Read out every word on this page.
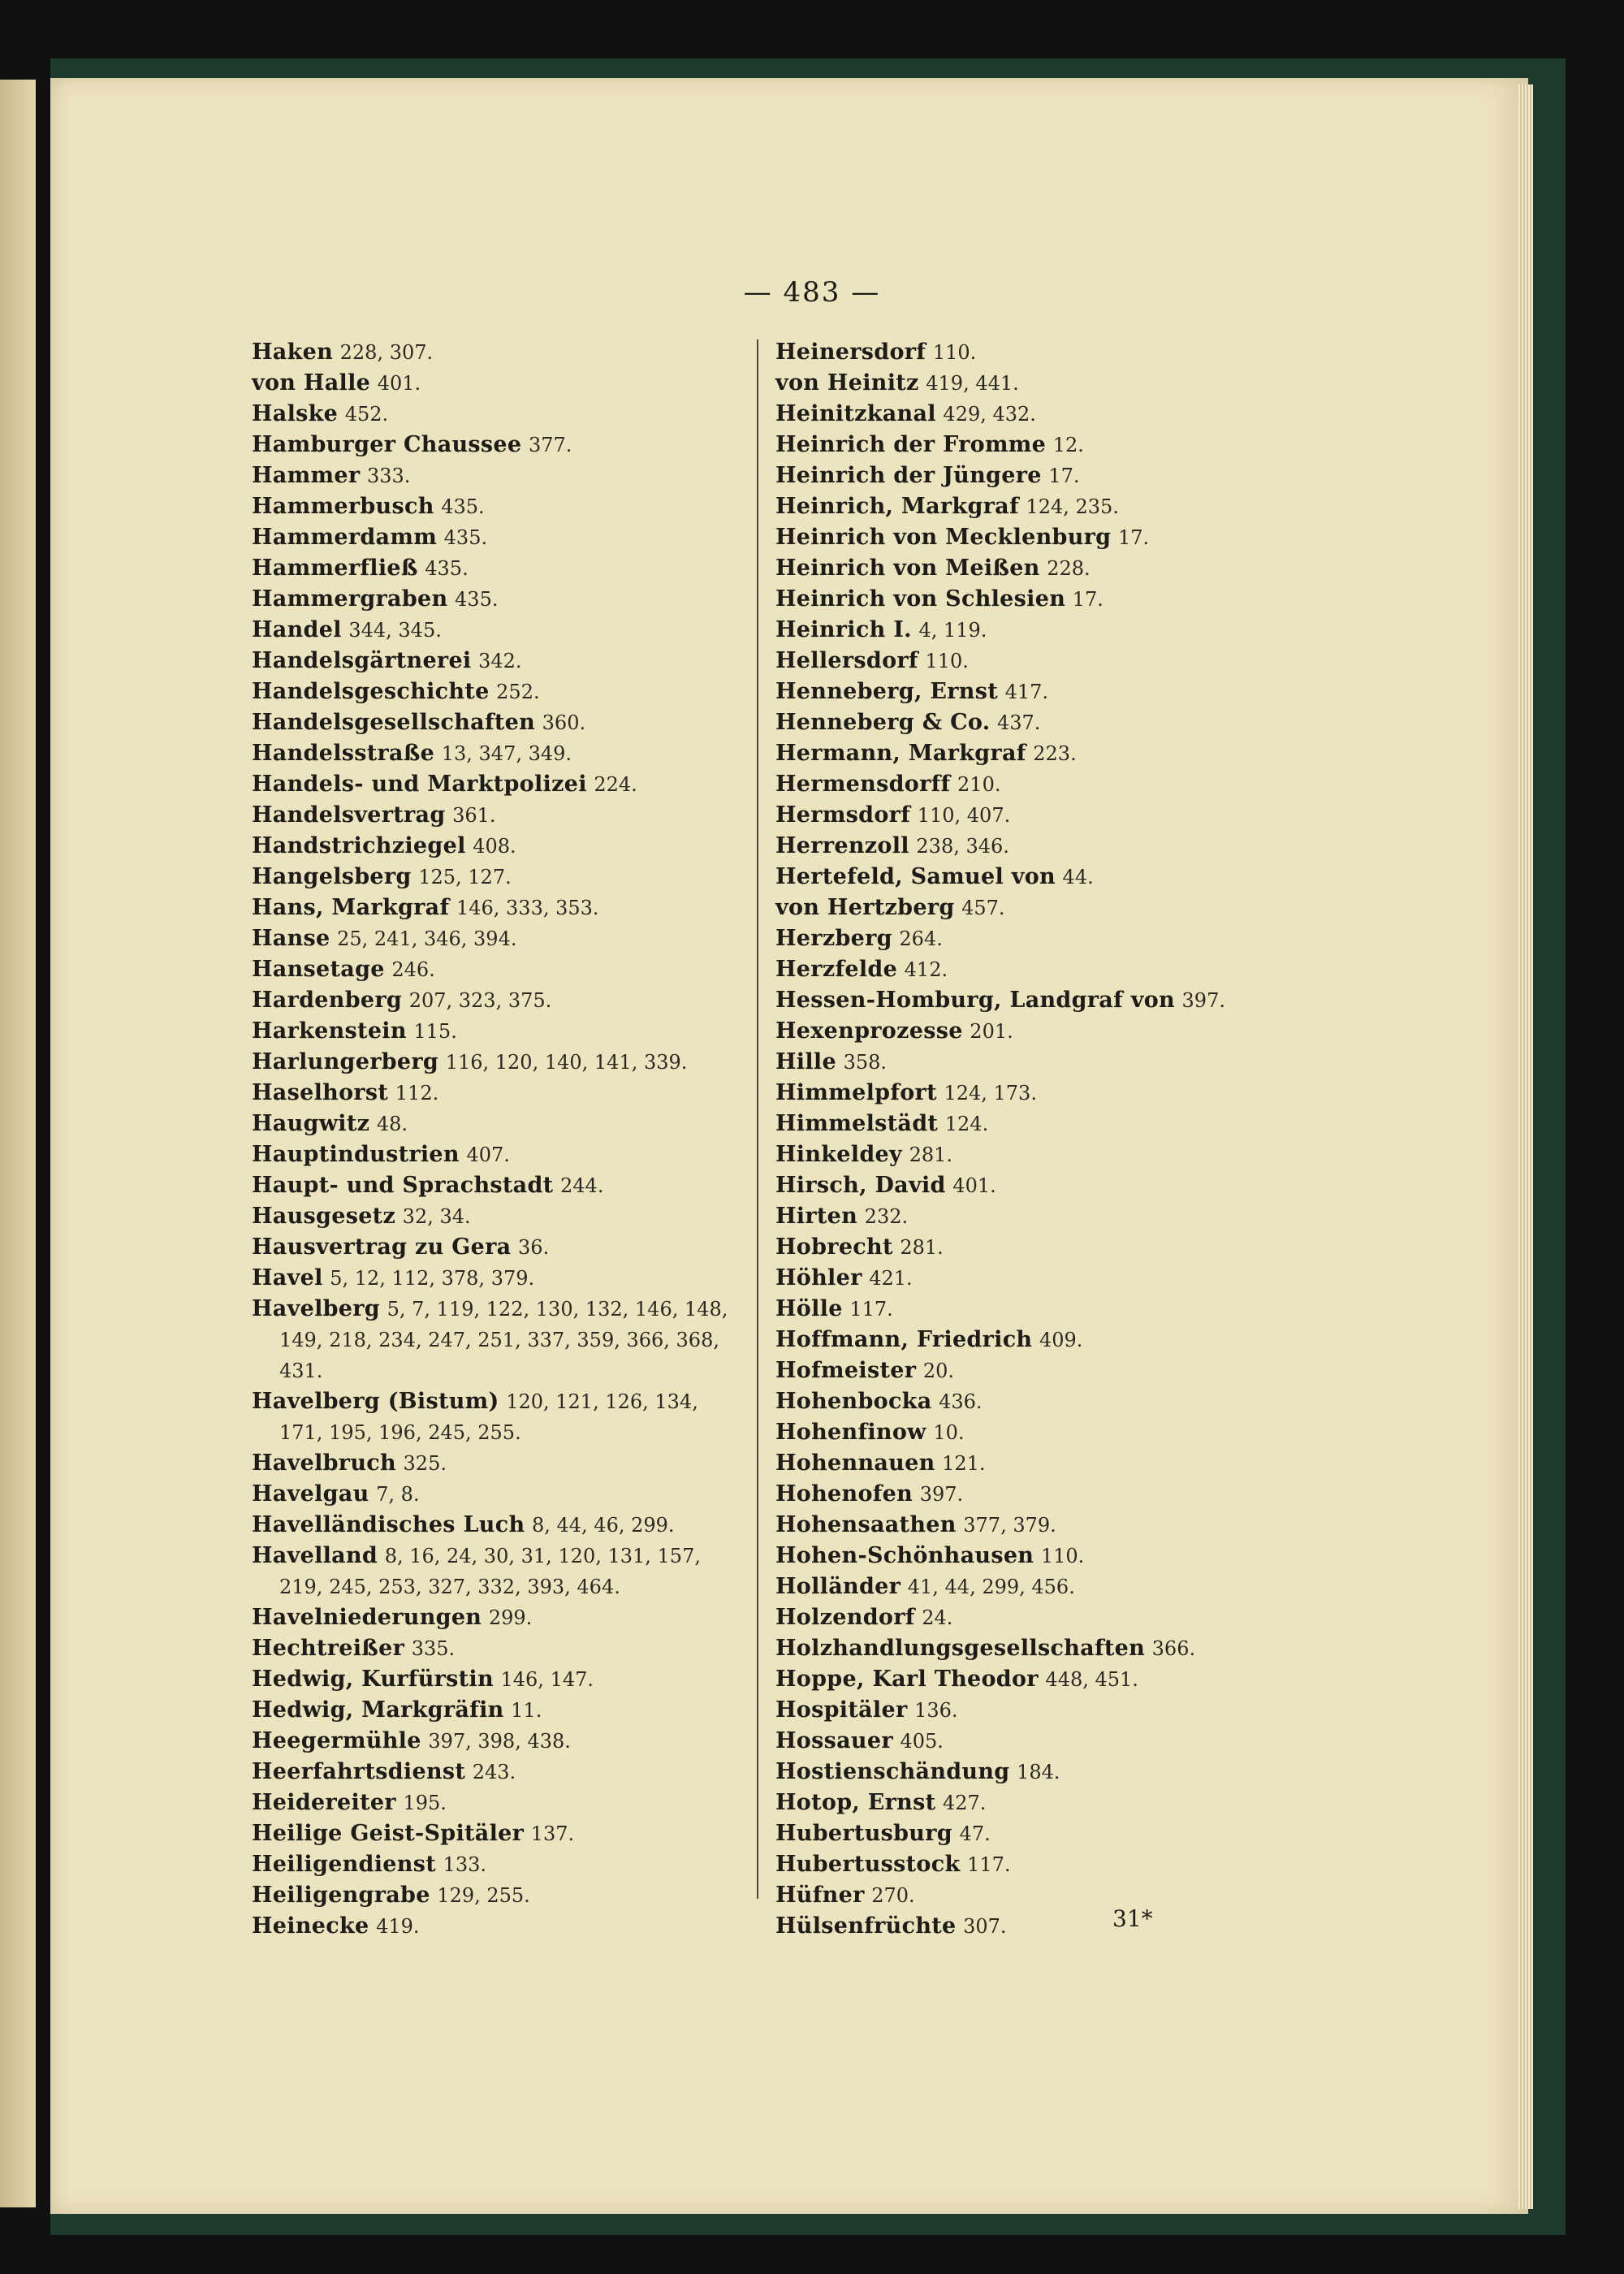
— 483 —

Haken 228, 307.

von Halle 401.

Halske 452.

Hamburger Chaussee 377.

Hammer 333.

Hammerbusch 435.

Hammerdamm 435.

Hammerfließ 435.

Hammergraben 435.

Handel 344, 345.

Handelsgärtnerei 342.

Handelsgeschichte 252.

Handelsgesellschaften 360.

Handelsstraße 13, 347, 349.

Handels- und Marktpolizei 224.

Handelsvertrag 361.

Handstrichziegel 408.

Hangelsberg 125, 127.

Hans, Markgraf 146, 333, 353.

Hanse 25, 241, 346, 394.

Hansetage 246.

Hardenberg 207, 323, 375.

Harkenstein 115.

Harlungerberg 116, 120, 140, 141, 339.

Haselhorst 112.

Haugwitz 48.

Hauptindustrien 407.

Haupt- und Sprachstadt 244.

Hausgesetz 32, 34.

Hausvertrag zu Gera 36.

Havel 5, 12, 112, 378, 379.

Havelberg 5, 7, 119, 122, 130, 132, 146, 148, 149, 218, 234, 247, 251, 337, 359, 366, 368, 431.

Havelberg (Bistum) 120, 121, 126, 134, 171, 195, 196, 245, 255.

Havelbruch 325.

Havelgau 7, 8.

Havelländisches Luch 8, 44, 46, 299.

Havelland 8, 16, 24, 30, 31, 120, 131, 157, 219, 245, 253, 327, 332, 393, 464.

Havelniederungen 299.

Hechtreißer 335.

Hedwig, Kurfürstin 146, 147.

Hedwig, Markgräfin 11.

Heegermühle 397, 398, 438.

Heerfahrtsdienst 243.

Heidereiter 195.

Heilige Geist-Spitäler 137.

Heiligendienst 133.

Heiligengrabe 129, 255.

Heinecke 419.

Heinersdorf 110.

von Heinitz 419, 441.

Heinitzkanal 429, 432.

Heinrich der Fromme 12.

Heinrich der Jüngere 17.

Heinrich, Markgraf 124, 235.

Heinrich von Mecklenburg 17.

Heinrich von Meißen 228.

Heinrich von Schlesien 17.

Heinrich I. 4, 119.

Hellersdorf 110.

Henneberg, Ernst 417.

Henneberg & Co. 437.

Hermann, Markgraf 223.

Hermensdorff 210.

Hermsdorf 110, 407.

Herrenzoll 238, 346.

Hertefeld, Samuel von 44.

von Hertzberg 457.

Herzberg 264.

Herzfelde 412.

Hessen-Homburg, Landgraf von 397.

Hexenprozesse 201.

Hille 358.

Himmelpfort 124, 173.

Himmelstädt 124.

Hinkeldey 281.

Hirsch, David 401.

Hirten 232.

Hobrecht 281.

Höhler 421.

Hölle 117.

Hoffmann, Friedrich 409.

Hofmeister 20.

Hohenbocka 436.

Hohenfinow 10.

Hohennauen 121.

Hohenofen 397.

Hohensaathen 377, 379.

Hohen-Schönhausen 110.

Holländer 41, 44, 299, 456.

Holzendorf 24.

Holzhandlungsgesellschaften 366.

Hoppe, Karl Theodor 448, 451.

Hospitäler 136.

Hossauer 405.

Hostienschändung 184.

Hotop, Ernst 427.

Hubertusburg 47.

Hubertusstock 117.

Hüfner 270.

Hülsenfrüchte 307.	31*
